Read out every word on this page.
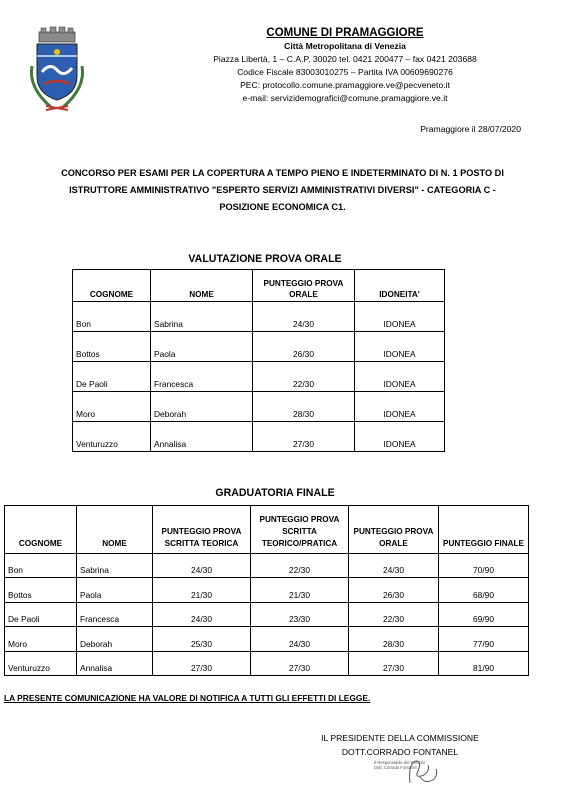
COMUNE DI PRAMAGGIORE
Città Metropolitana di Venezia
Piazza Libertà, 1 – C.A.P. 30020 tel. 0421 200477 – fax 0421 203688
Codice Fiscale 83003010275 – Partita IVA 00609690276
PEC: protocollo.comune.pramaggiore.ve@pecveneto.it
e-mail: servizidemografici@comune.pramaggiore.ve.it
Pramaggiore il 28/07/2020
CONCORSO PER ESAMI PER LA COPERTURA A TEMPO PIENO E INDETERMINATO DI N. 1 POSTO DI
ISTRUTTORE AMMINISTRATIVO "ESPERTO SERVIZI AMMINISTRATIVI DIVERSI" - CATEGORIA C -
POSIZIONE ECONOMICA C1.
VALUTAZIONE PROVA ORALE
COGNOME	NOME	PUNTEGGIO PROVA ORALE	IDONEITA'
Bon	Sabrina	24/30	IDONEA
Bottos	Paola	26/30	IDONEA
De Paoli	Francesca	22/30	IDONEA
Moro	Deborah	28/30	IDONEA
Venturuzzo	Annalisa	27/30	IDONEA
GRADUATORIA FINALE
COGNOME	NOME	PUNTEGGIO PROVA SCRITTA TEORICA	PUNTEGGIO PROVA SCRITTA TEORICO/PRATICA	PUNTEGGIO PROVA ORALE	PUNTEGGIO FINALE
Bon	Sabrina	24/30	22/30	24/30	70/90
Bottos	Paola	21/30	21/30	26/30	68/90
De Paoli	Francesca	24/30	23/30	22/30	69/90
Moro	Deborah	25/30	24/30	28/30	77/90
Venturuzzo	Annalisa	27/30	27/30	27/30	81/90
LA PRESENTE COMUNICAZIONE HA VALORE DI NOTIFICA A TUTTI GLI EFFETTI DI LEGGE.
IL PRESIDENTE DELLA COMMISSIONE
DOTT.CORRADO FONTANEL
Il Responsabile del Servizio
Dott. Corrado Fontanel
